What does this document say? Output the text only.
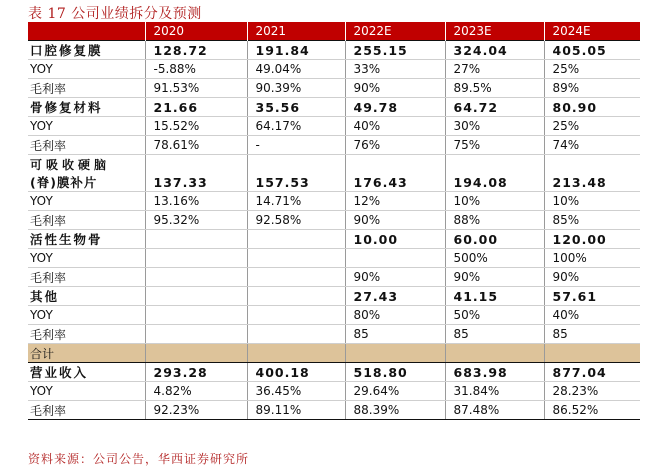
表 17 公司业绩拆分及预测
	2020	2021	2022E	2023E	2024E
口腔修复膜	128.72	191.84	255.15	324.04	405.05
YOY	-5.88%	49.04%	33%	27%	25%
毛利率	91.53%	90.39%	90%	89.5%	89%
骨修复材料	21.66	35.56	49.78	64.72	80.90
YOY	15.52%	64.17%	40%	30%	25%
毛利率	78.61%	-	76%	75%	74%
可吸收硬脑					
(脊)膜补片	137.33	157.53	176.43	194.08	213.48
YOY	13.16%	14.71%	12%	10%	10%
毛利率	95.32%	92.58%	90%	88%	85%
活性生物骨			10.00	60.00	120.00
YOY				500%	100%
毛利率			90%	90%	90%
其他			27.43	41.15	57.61
YOY			80%	50%	40%
毛利率			85	85	85
合计					
营业收入	293.28	400.18	518.80	683.98	877.04
YOY	4.82%	36.45%	29.64%	31.84%	28.23%
毛利率	92.23%	89.11%	88.39%	87.48%	86.52%
资料来源：公司公告，华西证券研究所
